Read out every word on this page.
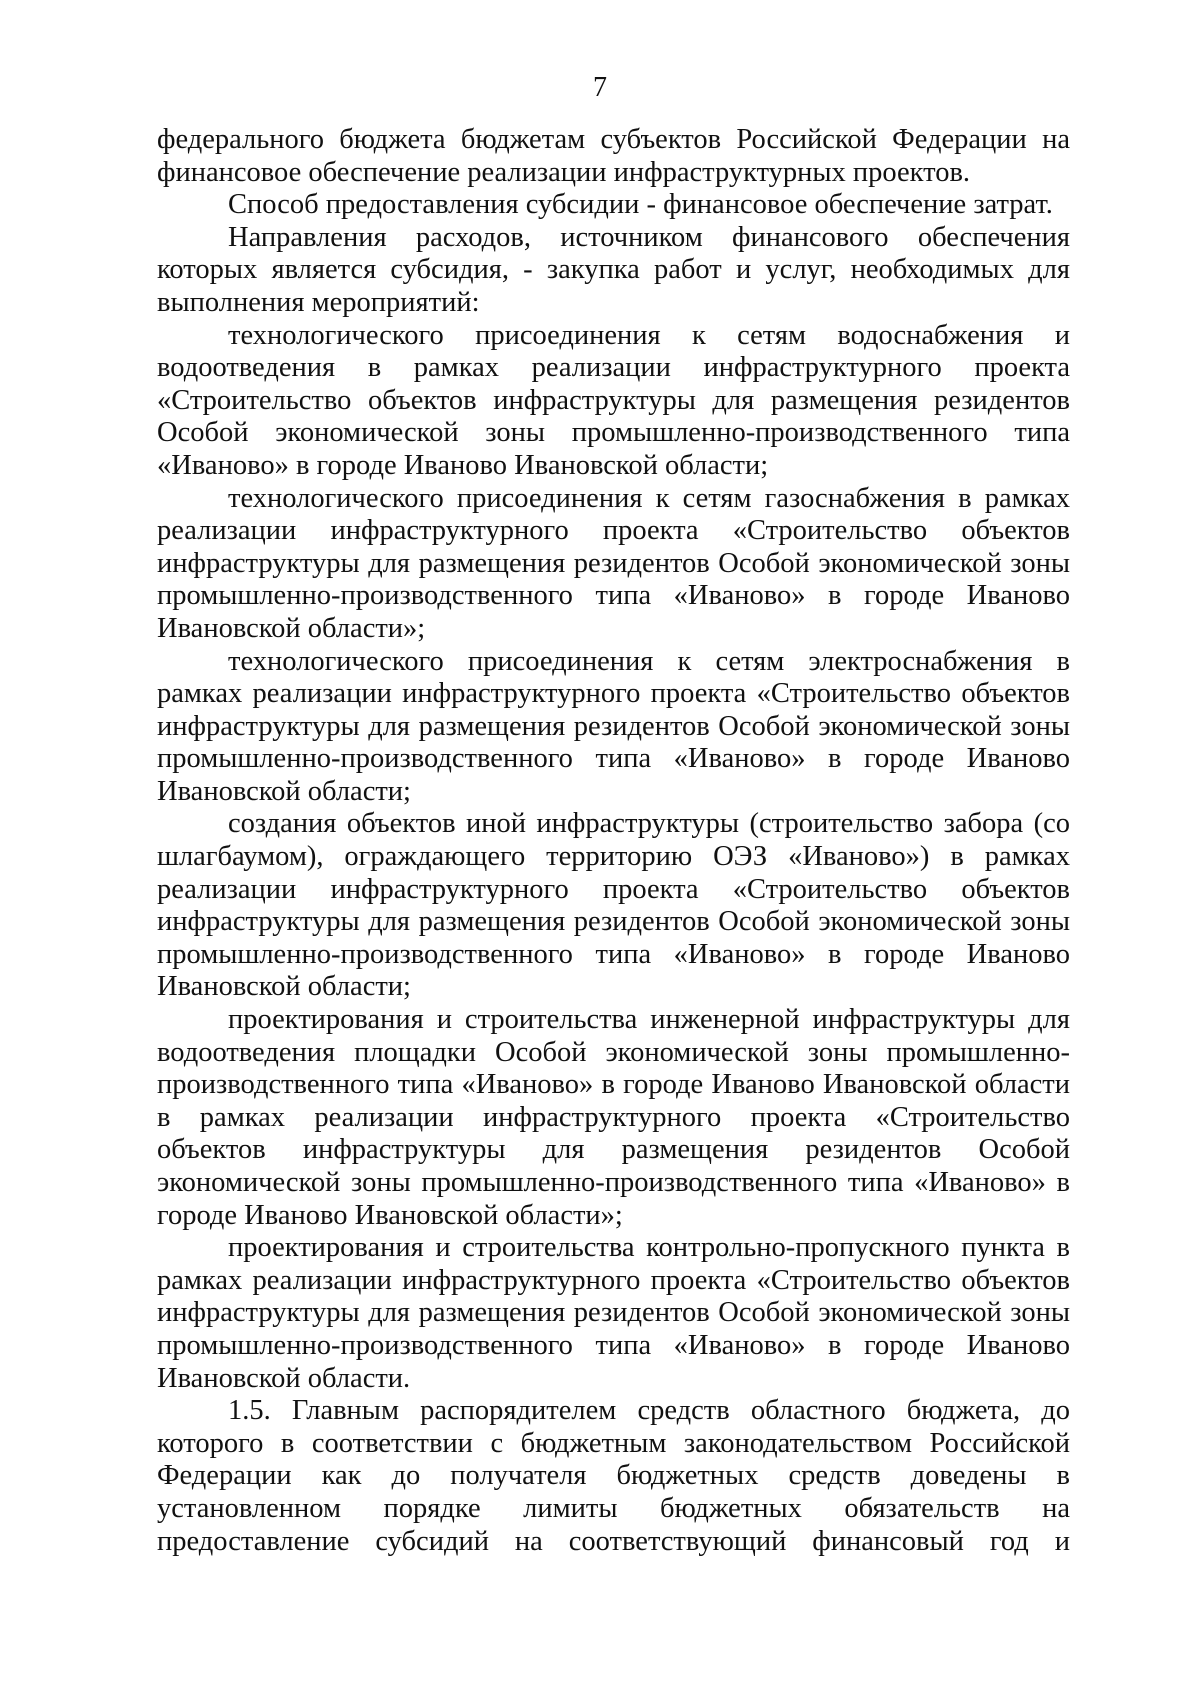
7

федерального бюджета бюджетам субъектов Российской Федерации на финансовое обеспечение реализации инфраструктурных проектов.

Способ предоставления субсидии - финансовое обеспечение затрат.

Направления расходов, источником финансового обеспечения которых является субсидия, - закупка работ и услуг, необходимых для выполнения мероприятий:

технологического присоединения к сетям водоснабжения и водоотведения в рамках реализации инфраструктурного проекта «Строительство объектов инфраструктуры для размещения резидентов Особой экономической зоны промышленно-производственного типа «Иваново» в городе Иваново Ивановской области;

технологического присоединения к сетям газоснабжения в рамках реализации инфраструктурного проекта «Строительство объектов инфраструктуры для размещения резидентов Особой экономической зоны промышленно-производственного типа «Иваново» в городе Иваново Ивановской области»;

технологического присоединения к сетям электроснабжения в рамках реализации инфраструктурного проекта «Строительство объектов инфраструктуры для размещения резидентов Особой экономической зоны промышленно-производственного типа «Иваново» в городе Иваново Ивановской области;

создания объектов иной инфраструктуры (строительство забора (со шлагбаумом), ограждающего территорию ОЭЗ «Иваново») в рамках реализации инфраструктурного проекта «Строительство объектов инфраструктуры для размещения резидентов Особой экономической зоны промышленно-производственного типа «Иваново» в городе Иваново Ивановской области;

проектирования и строительства инженерной инфраструктуры для водоотведения площадки Особой экономической зоны промышленно-производственного типа «Иваново» в городе Иваново Ивановской области в рамках реализации инфраструктурного проекта «Строительство объектов инфраструктуры для размещения резидентов Особой экономической зоны промышленно-производственного типа «Иваново» в городе Иваново Ивановской области»;

проектирования и строительства контрольно-пропускного пункта в рамках реализации инфраструктурного проекта «Строительство объектов инфраструктуры для размещения резидентов Особой экономической зоны промышленно-производственного типа «Иваново» в городе Иваново Ивановской области.

1.5. Главным распорядителем средств областного бюджета, до которого в соответствии с бюджетным законодательством Российской Федерации как до получателя бюджетных средств доведены в установленном порядке лимиты бюджетных обязательств на предоставление субсидий на соответствующий финансовый год и
